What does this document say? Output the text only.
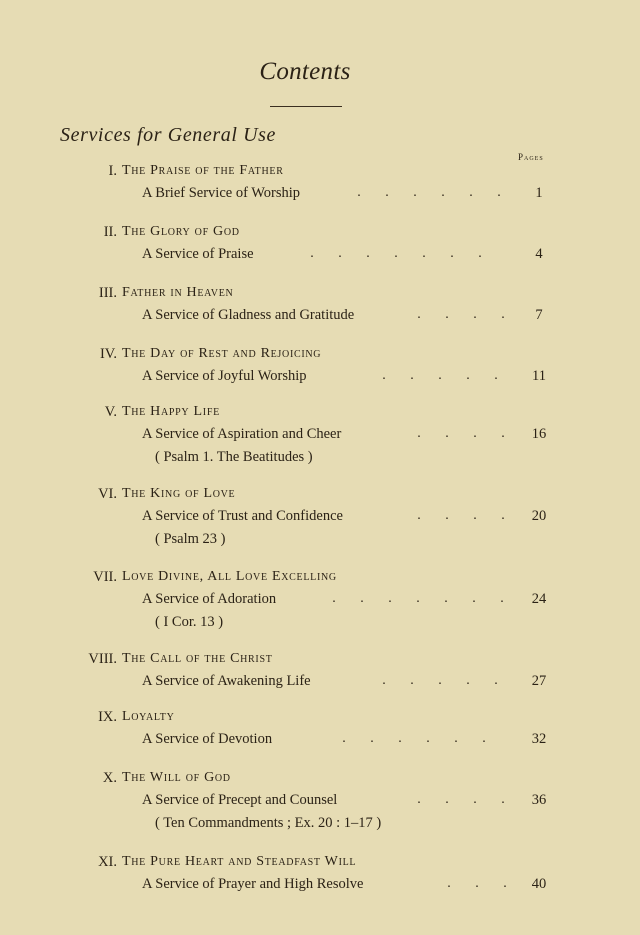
Contents
Services for General Use
Pages
I. The Praise of the Father
A Brief Service of Worship	. . . . . .	1
II. The Glory of God
A Service of Praise	. . . . . . .	4
III. Father in Heaven
A Service of Gladness and Gratitude	. . . .	7
IV. The Day of Rest and Rejoicing
A Service of Joyful Worship	. . . . .	11
V. The Happy Life
A Service of Aspiration and Cheer	. . . .	16
( Psalm 1. The Beatitudes )
VI. The King of Love
A Service of Trust and Confidence	. . . .	20
( Psalm 23 )
VII. Love Divine, All Love Excelling
A Service of Adoration	. . . . . . .	24
( I Cor. 13 )
VIII. The Call of the Christ
A Service of Awakening Life	. . . . .	27
IX. Loyalty
A Service of Devotion	. . . . . .	32
X. The Will of God
A Service of Precept and Counsel	. . . .	36
( Ten Commandments ; Ex. 20 : 1–17 )
XI. The Pure Heart and Steadfast Will
A Service of Prayer and High Resolve	. . .	40
